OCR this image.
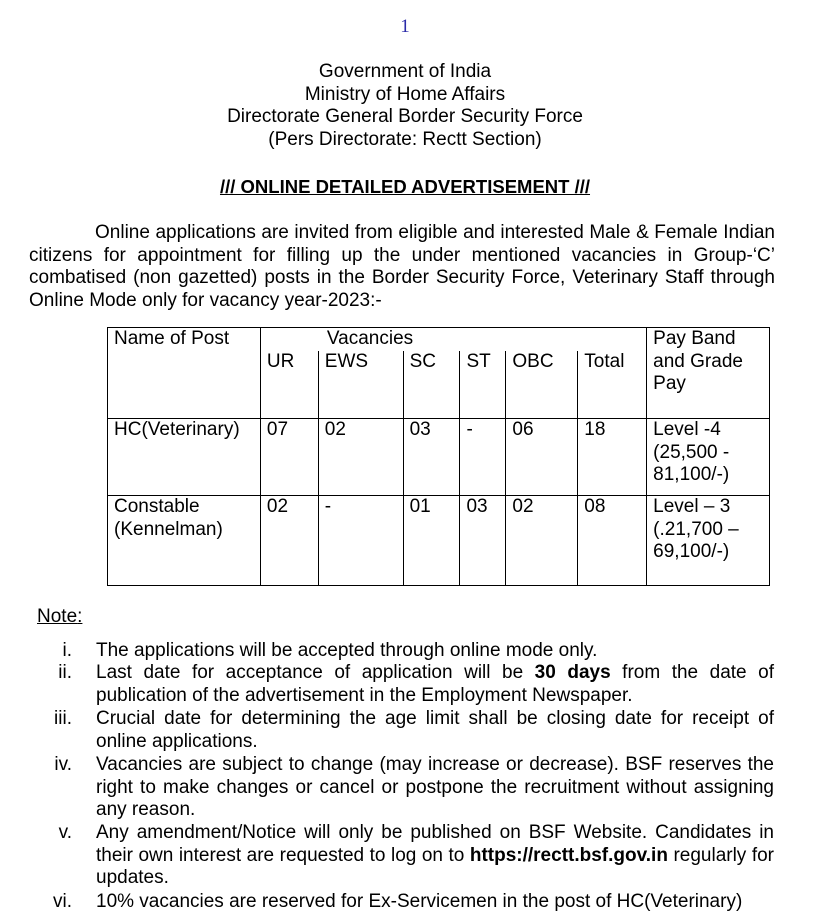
1
Government of India
Ministry of Home Affairs
Directorate General Border Security Force
(Pers Directorate: Rectt Section)
/// ONLINE DETAILED ADVERTISEMENT ///
Online applications are invited from eligible and interested Male & Female Indian citizens for appointment for filling up the under mentioned vacancies in Group-‘C’ combatised (non gazetted) posts in the Border Security Force, Veterinary Staff through Online Mode only for vacancy year-2023:-
Name of Post	Vacancies						Pay Band and Grade Pay
	UR	EWS	SC	ST	OBC	Total	
HC(Veterinary)	07	02	03	-	06	18	Level -4 (25,500 - 81,100/-)
Constable (Kennelman)	02	-	01	03	02	08	Level – 3 (.21,700 – 69,100/-)
Note:
i. The applications will be accepted through online mode only.
ii. Last date for acceptance of application will be 30 days from the date of publication of the advertisement in the Employment Newspaper.
iii. Crucial date for determining the age limit shall be closing date for receipt of online applications.
iv. Vacancies are subject to change (may increase or decrease). BSF reserves the right to make changes or cancel or postpone the recruitment without assigning any reason.
v. Any amendment/Notice will only be published on BSF Website. Candidates in their own interest are requested to log on to https://rectt.bsf.gov.in regularly for updates.
vi. 10% vacancies are reserved for Ex-Servicemen in the post of HC(Veterinary)
